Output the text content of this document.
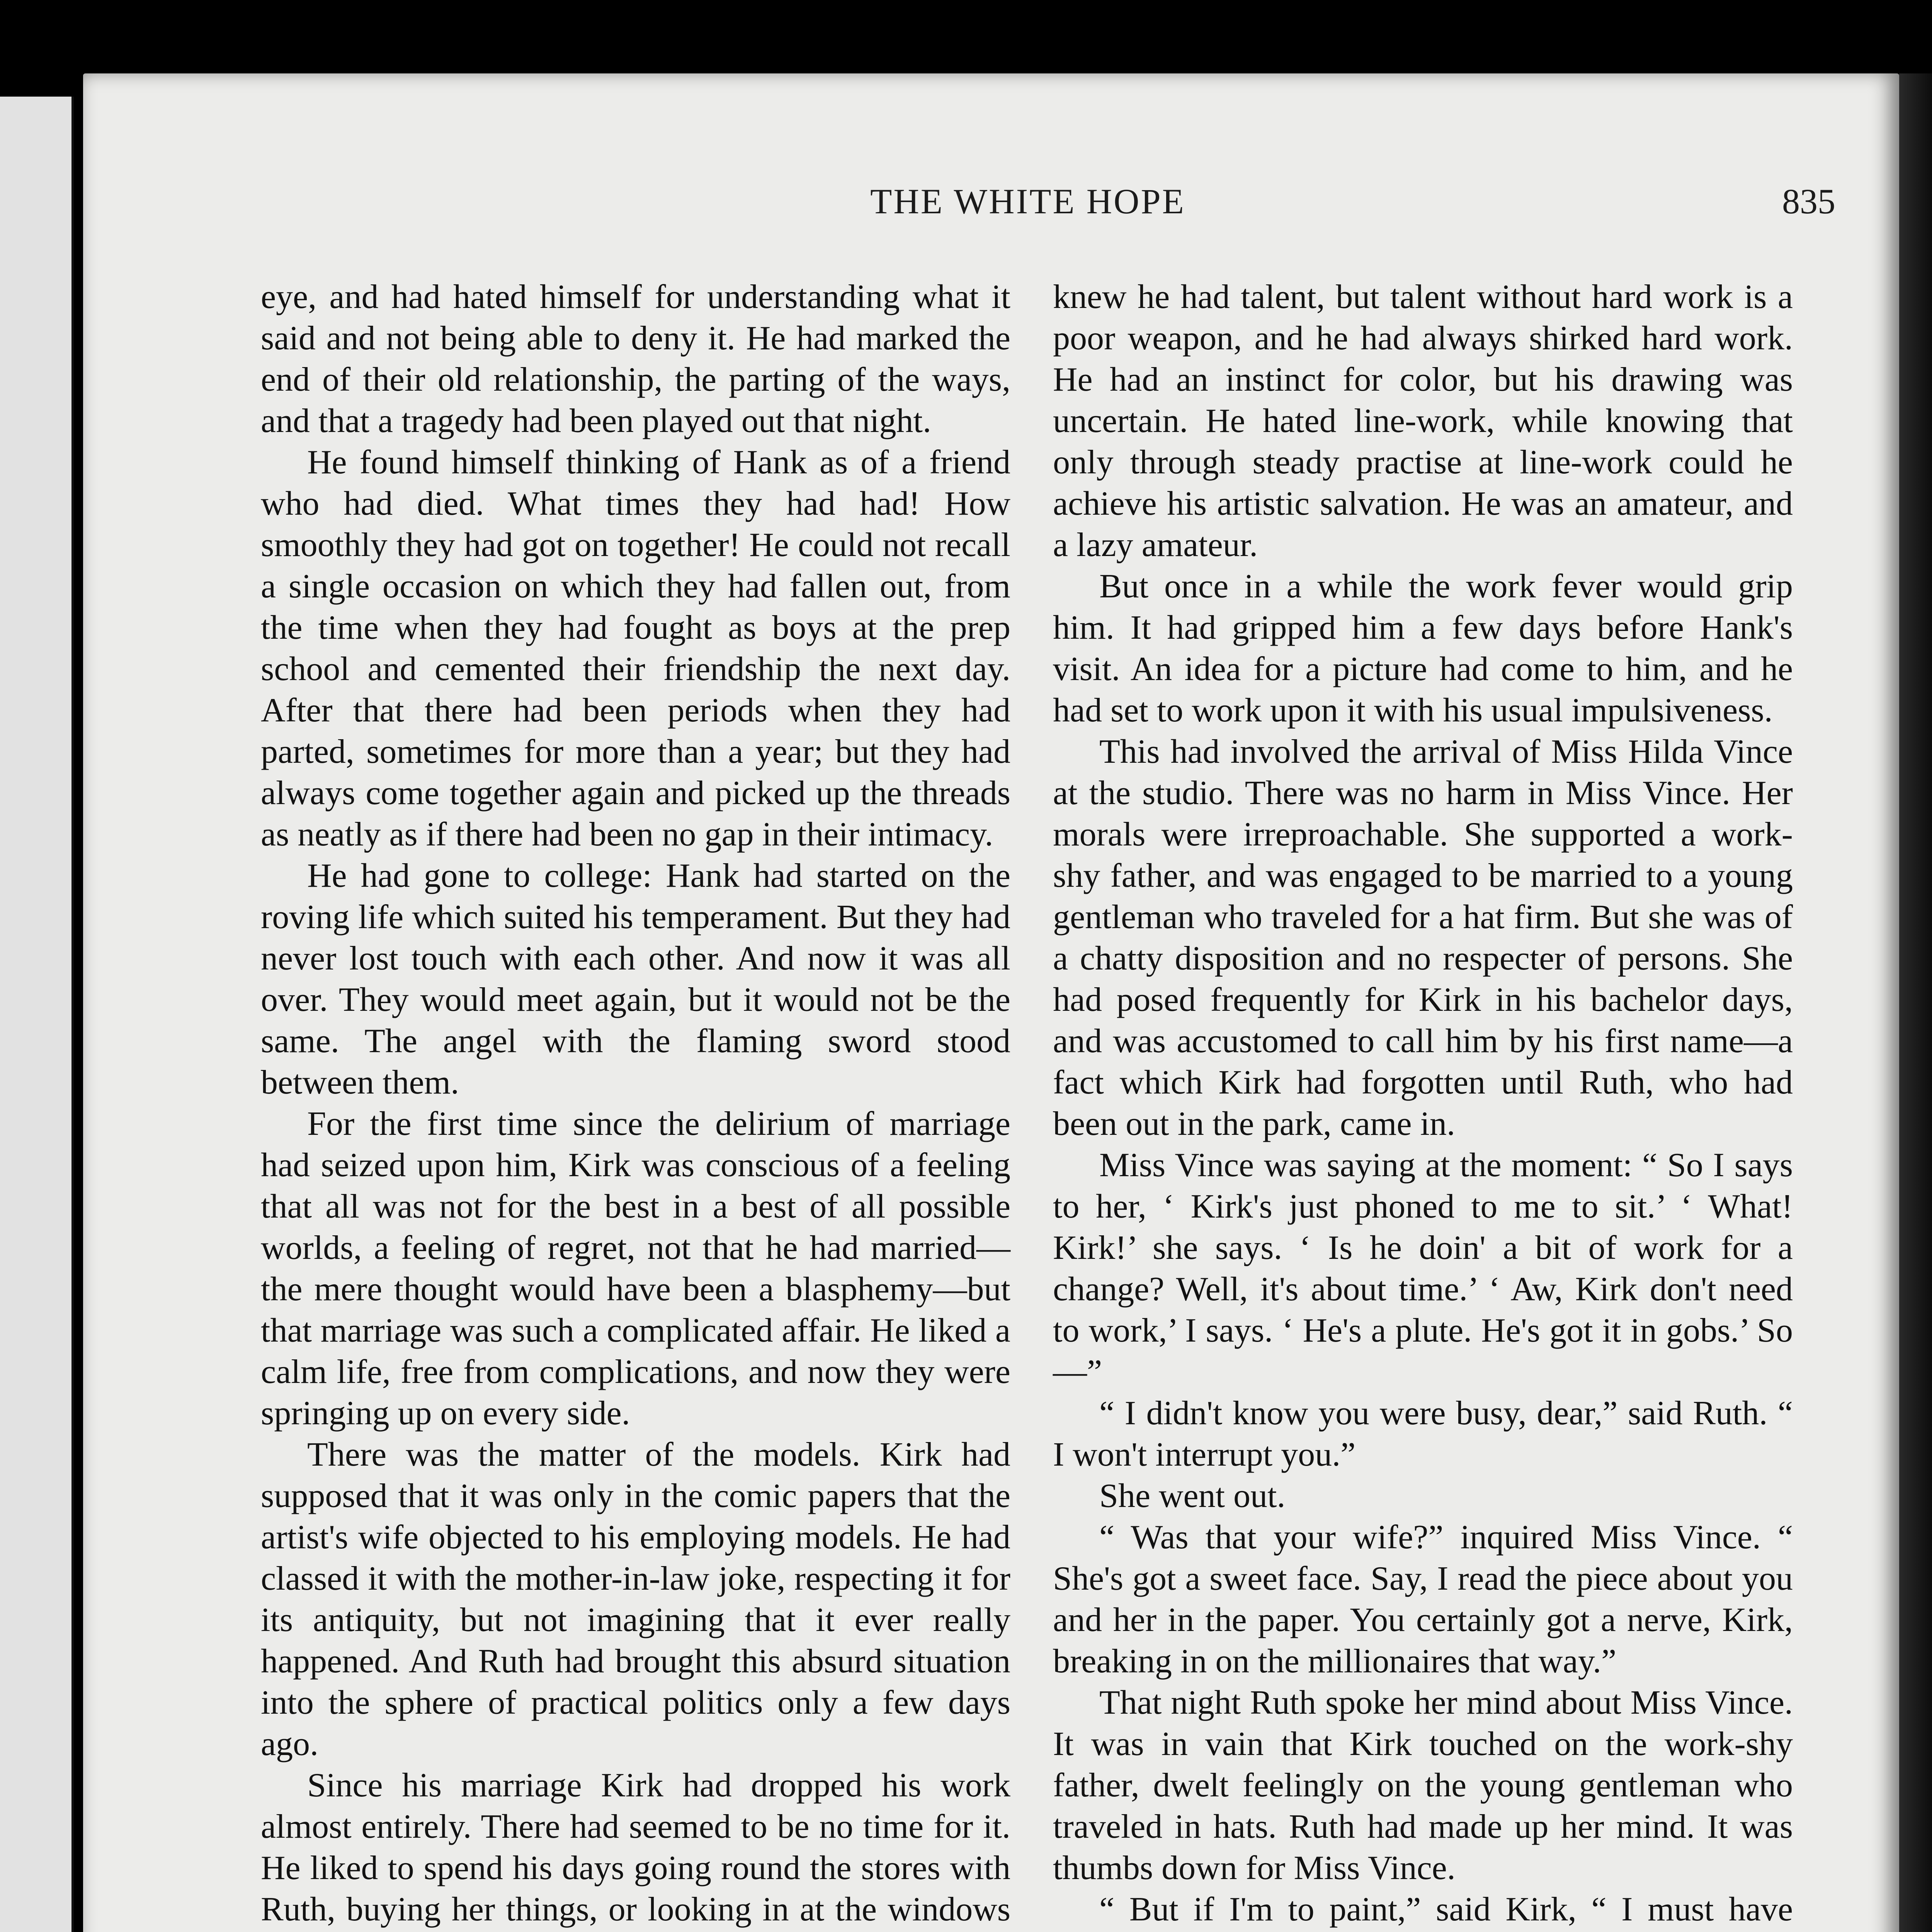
THE WHITE HOPE	835

eye, and had hated himself for understanding what it said and not being able to deny it. He had marked the end of their old relationship, the parting of the ways, and that a tragedy had been played out that night.

He found himself thinking of Hank as of a friend who had died. What times they had had! How smoothly they had got on together! He could not recall a single occasion on which they had fallen out, from the time when they had fought as boys at the prep school and cemented their friendship the next day. After that there had been periods when they had parted, sometimes for more than a year; but they had always come together again and picked up the threads as neatly as if there had been no gap in their intimacy.

He had gone to college: Hank had started on the roving life which suited his temperament. But they had never lost touch with each other. And now it was all over. They would meet again, but it would not be the same. The angel with the flaming sword stood between them.

For the first time since the delirium of marriage had seized upon him, Kirk was conscious of a feeling that all was not for the best in a best of all possible worlds, a feeling of regret, not that he had married—the mere thought would have been a blasphemy—but that marriage was such a complicated affair. He liked a calm life, free from complications, and now they were springing up on every side.

There was the matter of the models. Kirk had supposed that it was only in the comic papers that the artist's wife objected to his employing models. He had classed it with the mother-in-law joke, respecting it for its antiquity, but not imagining that it ever really happened. And Ruth had brought this absurd situation into the sphere of practical politics only a few days ago.

Since his marriage Kirk had dropped his work almost entirely. There had seemed to be no time for it. He liked to spend his days going round the stores with Ruth, buying her things, or looking in at the windows

knew he had talent, but talent without hard work is a poor weapon, and he had always shirked hard work. He had an instinct for color, but his drawing was uncertain. He hated line-work, while knowing that only through steady practise at line-work could he achieve his artistic salvation. He was an amateur, and a lazy amateur.

But once in a while the work fever would grip him. It had gripped him a few days before Hank's visit. An idea for a picture had come to him, and he had set to work upon it with his usual impulsiveness.

This had involved the arrival of Miss Hilda Vince at the studio. There was no harm in Miss Vince. Her morals were irreproachable. She supported a work-shy father, and was engaged to be married to a young gentleman who traveled for a hat firm. But she was of a chatty disposition and no respecter of persons. She had posed frequently for Kirk in his bachelor days, and was accustomed to call him by his first name—a fact which Kirk had forgotten until Ruth, who had been out in the park, came in.

Miss Vince was saying at the moment: “ So I says to her, ‘ Kirk's just phoned to me to sit.’ ‘ What! Kirk!’ she says. ‘ Is he doin' a bit of work for a change? Well, it's about time.’ ‘ Aw, Kirk don't need to work,’ I says. ‘ He's a plute. He's got it in gobs.’ So—”

“ I didn't know you were busy, dear,” said Ruth. “ I won't interrupt you.”

She went out.

“ Was that your wife?” inquired Miss Vince. “ She's got a sweet face. Say, I read the piece about you and her in the paper. You certainly got a nerve, Kirk, breaking in on the millionaires that way.”

That night Ruth spoke her mind about Miss Vince. It was in vain that Kirk touched on the work-shy father, dwelt feelingly on the young gentleman who traveled in hats. Ruth had made up her mind. It was thumbs down for Miss Vince.

“ But if I'm to paint,” said Kirk, “ I must have
